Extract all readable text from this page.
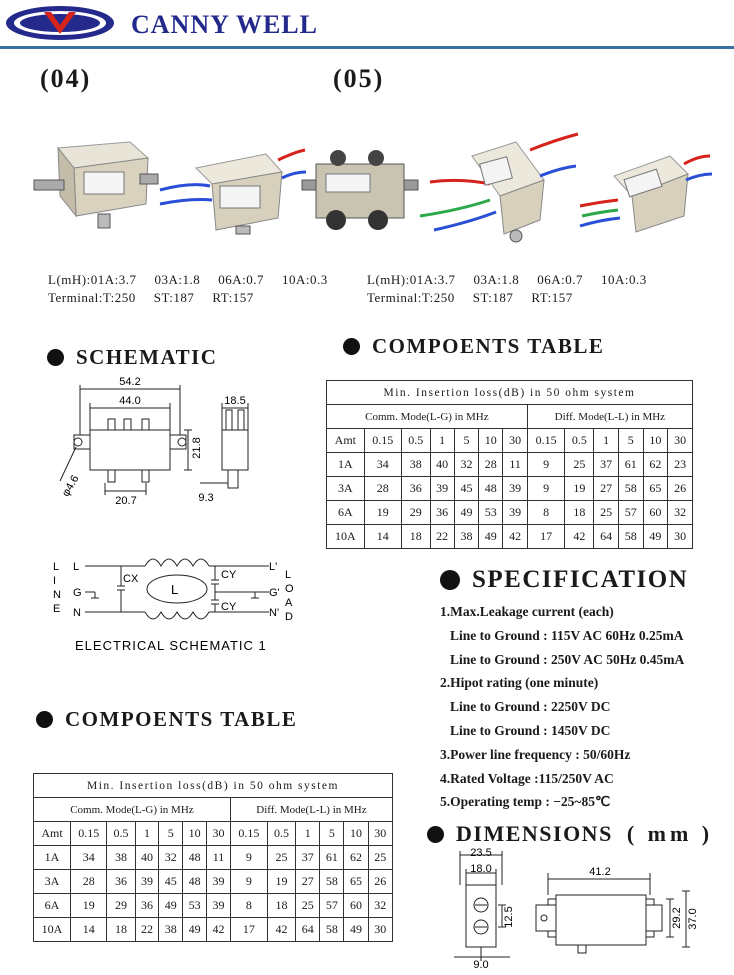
CANNY WELL
(04)	(05)
L(mH):01A:3.7 03A:1.8 06A:0.7 10A:0.3
Terminal:T:250 ST:187 RT:157
L(mH):01A:3.7 03A:1.8 06A:0.7 10A:0.3
Terminal:T:250 ST:187 RT:157
SCHEMATIC	COMPOENTS TABLE
COMPOENTS TABLE
SPECIFICATION
DIMENSIONS ( mm )
54.2
44.0
21.8
φ4.6
20.7
18.5
9.3
L
I
N
E
L
G
N
CX
L
CY
CY
L'
G'
N'
L
O
A
D
ELECTRICAL SCHEMATIC 1
Min. Insertion loss(dB) in 50 ohm system												
Comm. Mode(L-G) in MHz							Diff. Mode(L-L) in MHz					
Amt	0.15	0.5	1	5	10	30	0.15	0.5	1	5	10	30
1A	34	38	40	32	28	11	9	25	37	61	62	23
3A	28	36	39	45	48	39	9	19	27	58	65	26
6A	19	29	36	49	53	39	8	18	25	57	60	32
10A	14	18	22	38	49	42	17	42	64	58	49	30
Min. Insertion loss(dB) in 50 ohm system												
Comm. Mode(L-G) in MHz							Diff. Mode(L-L) in MHz					
Amt	0.15	0.5	1	5	10	30	0.15	0.5	1	5	10	30
1A	34	38	40	32	48	11	9	25	37	61	62	25
3A	28	36	39	45	48	39	9	19	27	58	65	26
6A	19	29	36	49	53	39	8	18	25	57	60	32
10A	14	18	22	38	49	42	17	42	64	58	49	30
1.Max.Leakage current (each)
Line to Ground : 115V AC 60Hz 0.25mA
Line to Ground : 250V AC 50Hz 0.45mA
2.Hipot rating (one minute)
Line to Ground : 2250V DC
Line to Ground : 1450V DC
3.Power line frequency : 50/60Hz
4.Rated Voltage :115/250V AC
5.Operating temp : −25~85℃
23.5
18.0	41.2
12.5	29.2 37.0
9.0
